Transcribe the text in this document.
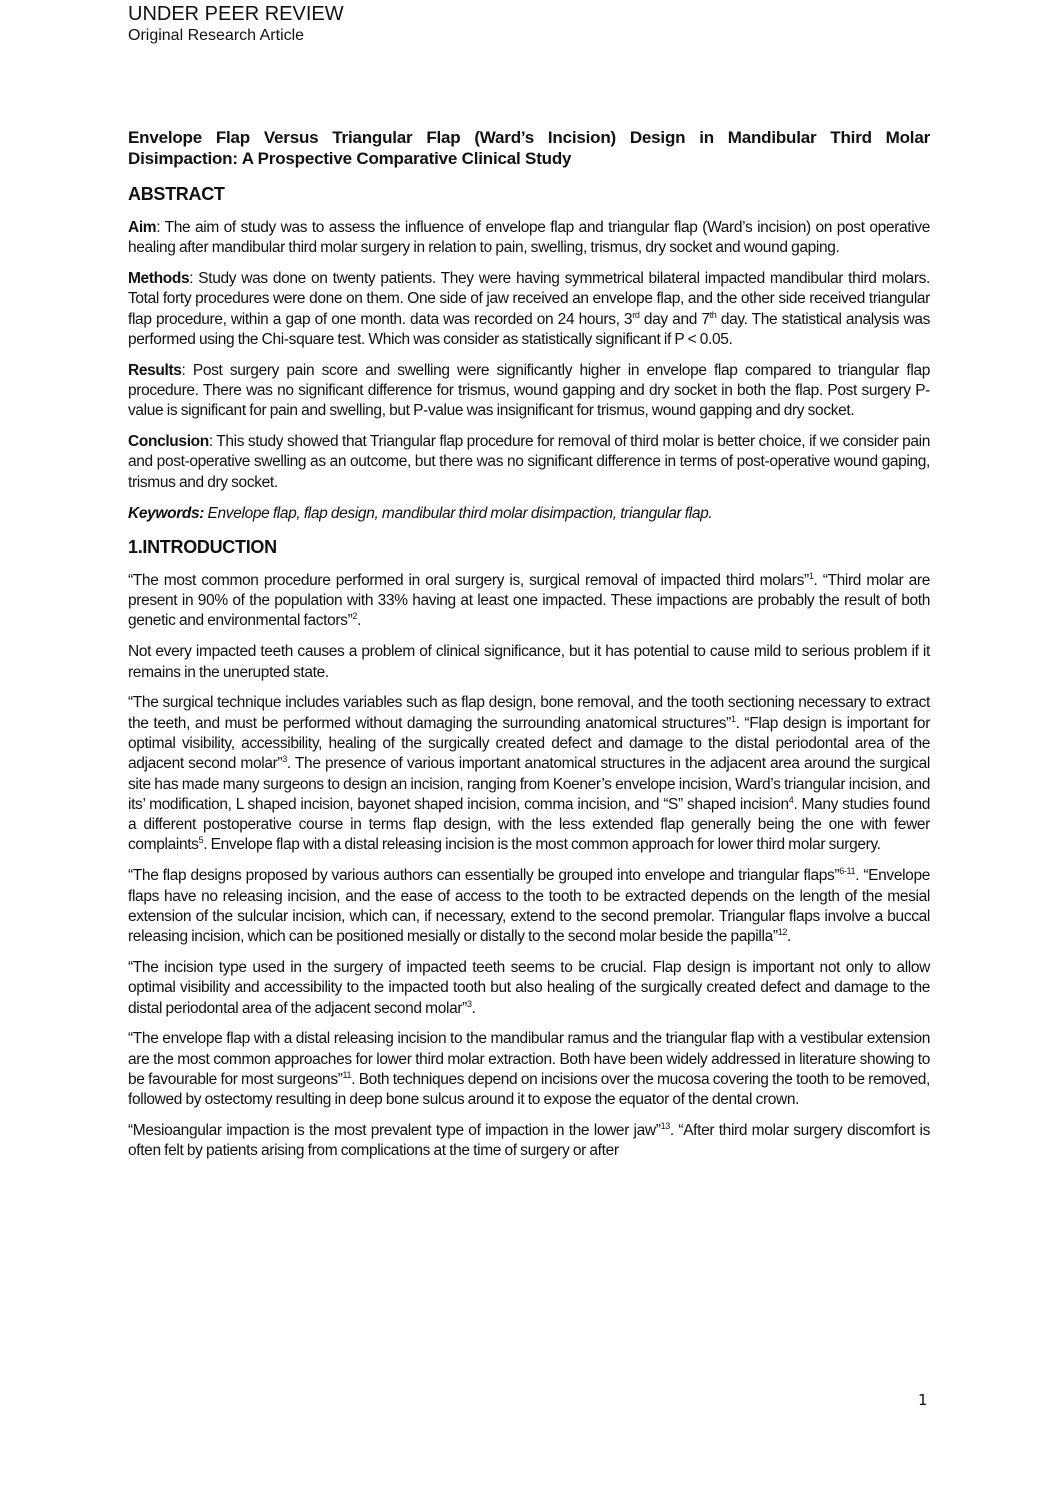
UNDER PEER REVIEW
Original Research Article
Envelope Flap Versus Triangular Flap (Ward’s Incision) Design in Mandibular Third Molar Disimpaction: A Prospective Comparative Clinical Study
ABSTRACT

Aim: The aim of study was to assess the influence of envelope flap and triangular flap (Ward’s incision) on post operative healing after mandibular third molar surgery in relation to pain, swelling, trismus, dry socket and wound gaping.

Methods: Study was done on twenty patients. They were having symmetrical bilateral impacted mandibular third molars. Total forty procedures were done on them. One side of jaw received an envelope flap, and the other side received triangular flap procedure, within a gap of one month. data was recorded on 24 hours, 3rd day and 7th day. The statistical analysis was performed using the Chi-square test. Which was consider as statistically significant if P < 0.05.

Results: Post surgery pain score and swelling were significantly higher in envelope flap compared to triangular flap procedure. There was no significant difference for trismus, wound gapping and dry socket in both the flap. Post surgery P-value is significant for pain and swelling, but P-value was insignificant for trismus, wound gapping and dry socket.

Conclusion: This study showed that Triangular flap procedure for removal of third molar is better choice, if we consider pain and post-operative swelling as an outcome, but there was no significant difference in terms of post-operative wound gaping, trismus and dry socket.

Keywords: Envelope flap, flap design, mandibular third molar disimpaction, triangular flap.

1.INTRODUCTION

“The most common procedure performed in oral surgery is, surgical removal of impacted third molars”$^1$. “Third molar are present in 90% of the population with 33% having at least one impacted. These impactions are probably the result of both genetic and environmental factors”$^2$.

Not every impacted teeth causes a problem of clinical significance, but it has potential to cause mild to serious problem if it remains in the unerupted state.

“The surgical technique includes variables such as flap design, bone removal, and the tooth sectioning necessary to extract the teeth, and must be performed without damaging the surrounding anatomical structures”$^1$. “Flap design is important for optimal visibility, accessibility, healing of the surgically created defect and damage to the distal periodontal area of the adjacent second molar”$^3$. The presence of various important anatomical structures in the adjacent area around the surgical site has made many surgeons to design an incision, ranging from Koener’s envelope incision, Ward’s triangular incision, and its’ modification, L shaped incision, bayonet shaped incision, comma incision, and “S” shaped incision$^4$. Many studies found a different postoperative course in terms flap design, with the less extended flap generally being the one with fewer complaints$^5$. Envelope flap with a distal releasing incision is the most common approach for lower third molar surgery.

“The flap designs proposed by various authors can essentially be grouped into envelope and triangular flaps”$^{6-11}$. “Envelope flaps have no releasing incision, and the ease of access to the tooth to be extracted depends on the length of the mesial extension of the sulcular incision, which can, if necessary, extend to the second premolar. Triangular flaps involve a buccal releasing incision, which can be positioned mesially or distally to the second molar beside the papilla”$^{12}$.

“The incision type used in the surgery of impacted teeth seems to be crucial. Flap design is important not only to allow optimal visibility and accessibility to the impacted tooth but also healing of the surgically created defect and damage to the distal periodontal area of the adjacent second molar”$^3$.

“The envelope flap with a distal releasing incision to the mandibular ramus and the triangular flap with a vestibular extension are the most common approaches for lower third molar extraction. Both have been widely addressed in literature showing to be favourable for most surgeons”$^{11}$. Both techniques depend on incisions over the mucosa covering the tooth to be removed, followed by ostectomy resulting in deep bone sulcus around it to expose the equator of the dental crown.

“Mesioangular impaction is the most prevalent type of impaction in the lower jaw”$^{13}$. “After third molar surgery discomfort is often felt by patients arising from complications at the time of surgery or after

1
